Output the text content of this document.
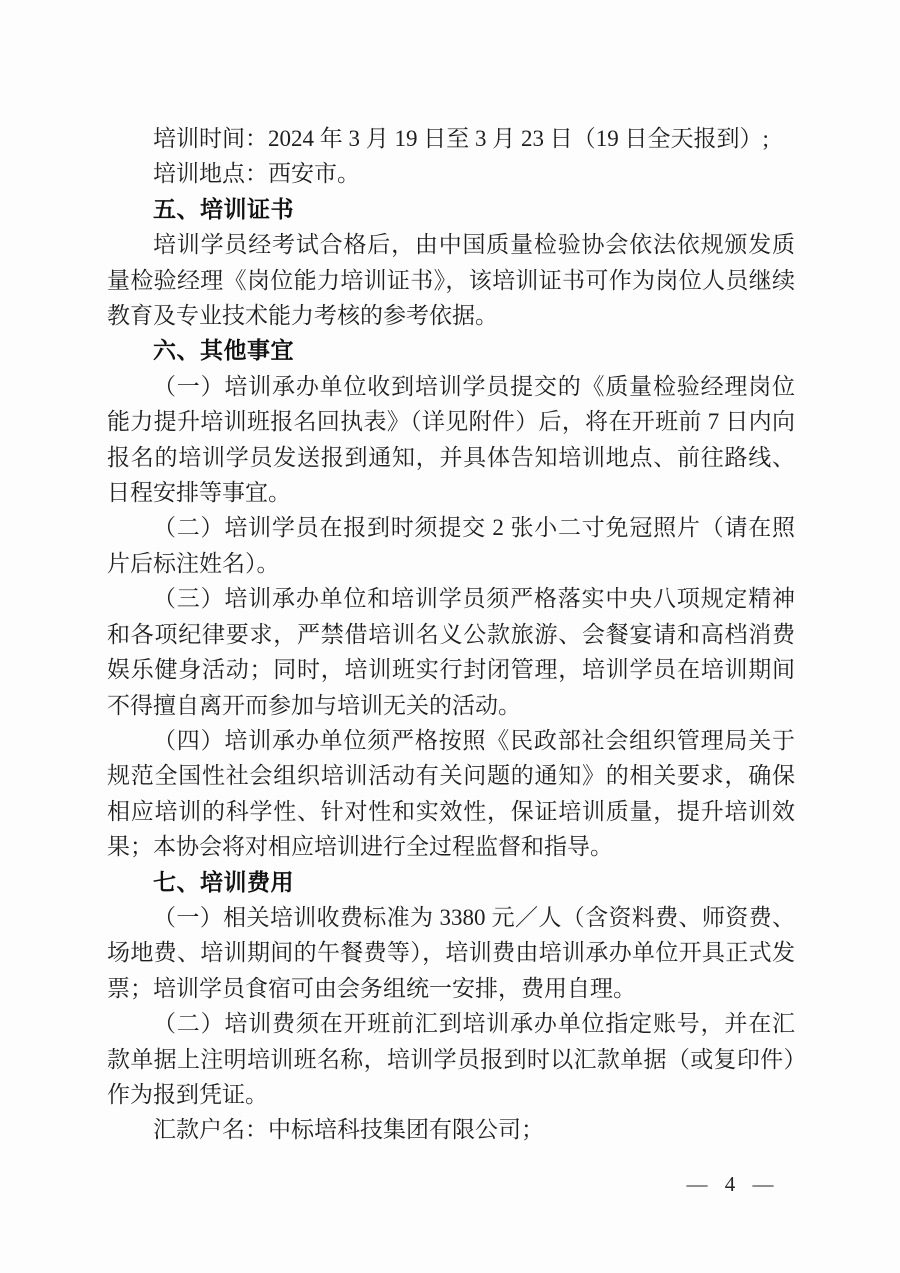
培训时间：2024 年 3 月 19 日至 3 月 23 日（19 日全天报到）;

培训地点：西安市。

五、培训证书

培训学员经考试合格后，由中国质量检验协会依法依规颁发质量检验经理《岗位能力培训证书》，该培训证书可作为岗位人员继续教育及专业技术能力考核的参考依据。

六、其他事宜

（一）培训承办单位收到培训学员提交的《质量检验经理岗位能力提升培训班报名回执表》（详见附件）后，将在开班前 7 日内向报名的培训学员发送报到通知，并具体告知培训地点、前往路线、日程安排等事宜。

（二）培训学员在报到时须提交 2 张小二寸免冠照片（请在照片后标注姓名）。

（三）培训承办单位和培训学员须严格落实中央八项规定精神和各项纪律要求，严禁借培训名义公款旅游、会餐宴请和高档消费娱乐健身活动；同时，培训班实行封闭管理，培训学员在培训期间不得擅自离开而参加与培训无关的活动。

（四）培训承办单位须严格按照《民政部社会组织管理局关于规范全国性社会组织培训活动有关问题的通知》的相关要求，确保相应培训的科学性、针对性和实效性，保证培训质量，提升培训效果；本协会将对相应培训进行全过程监督和指导。

七、培训费用

（一）相关培训收费标准为 3380 元／人（含资料费、师资费、场地费、培训期间的午餐费等），培训费由培训承办单位开具正式发票；培训学员食宿可由会务组统一安排，费用自理。

（二）培训费须在开班前汇到培训承办单位指定账号，并在汇款单据上注明培训班名称，培训学员报到时以汇款单据（或复印件）作为报到凭证。

汇款户名：中标培科技集团有限公司；

— 4 —
